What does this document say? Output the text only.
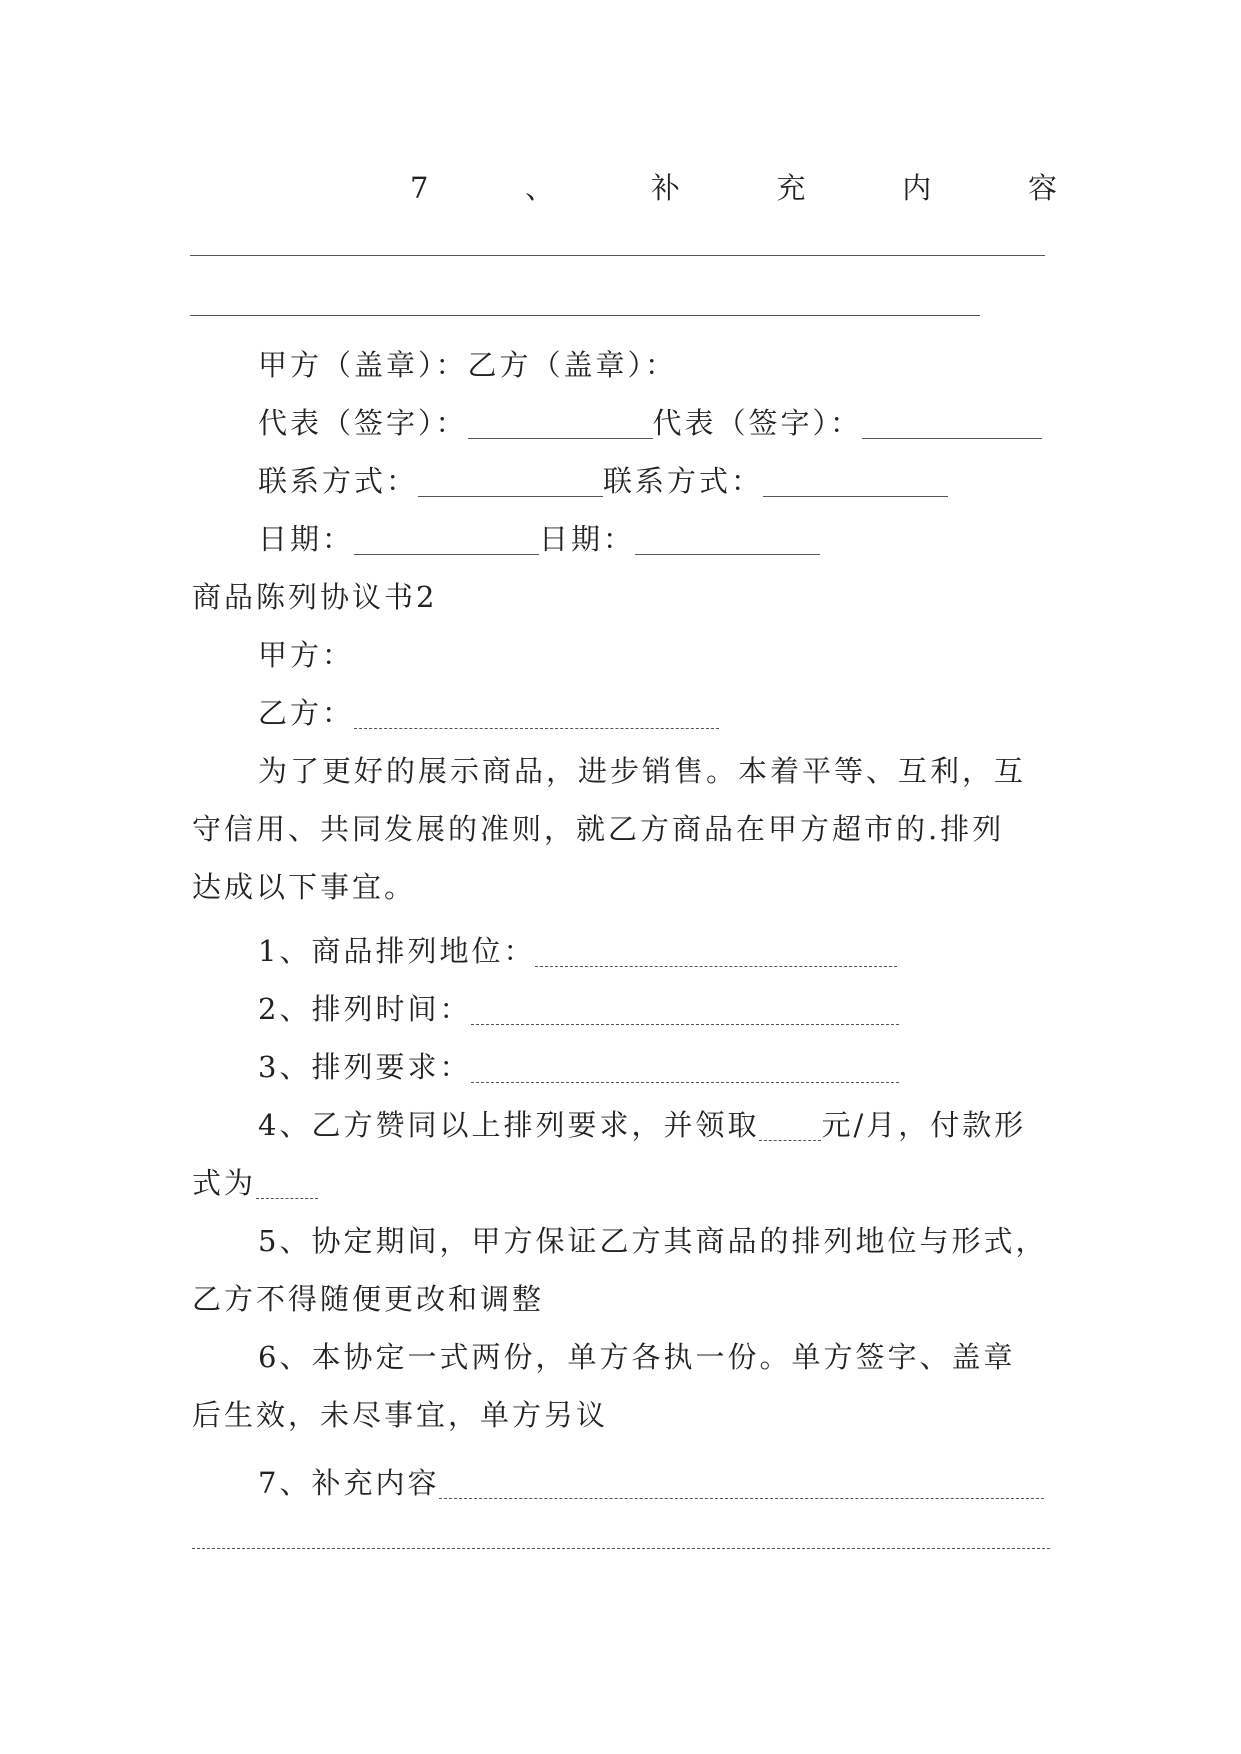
7	、	补	充	内	容
甲方（盖章）：乙方（盖章）：
代表（签字）：	代表（签字）：
联系方式：	联系方式：
日期：	日期：
商品陈列协议书2
甲方：
乙方：
为了更好的展示商品，进步销售。本着平等、互利，互
守信用、共同发展的准则，就乙方商品在甲方超市的.排列
达成以下事宜。
1、商品排列地位：
2、排列时间：
3、排列要求：
4、乙方赞同以上排列要求，并领取 元/月，付款形
式为
5、协定期间，甲方保证乙方其商品的排列地位与形式，
乙方不得随便更改和调整
6、本协定一式两份，单方各执一份。单方签字、盖章
后生效，未尽事宜，单方另议
7、补充内容
